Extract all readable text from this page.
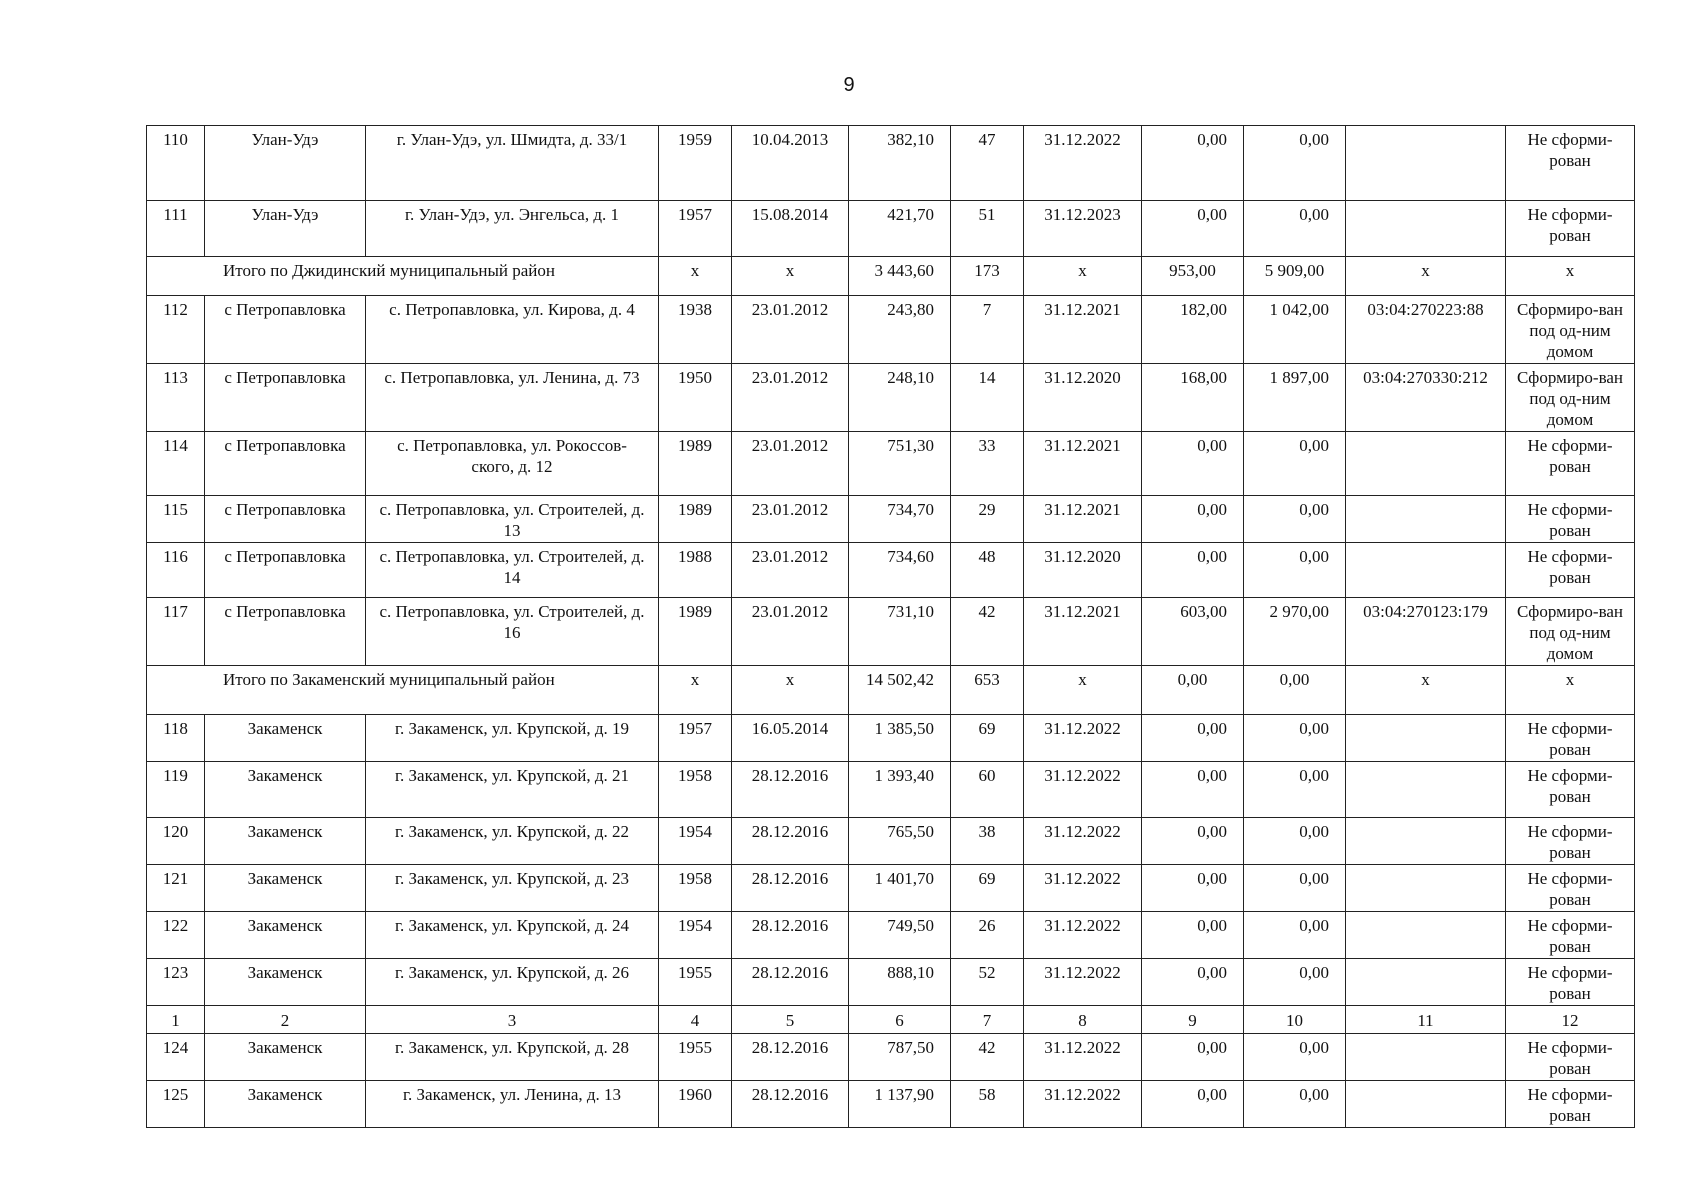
9
110	Улан-Удэ	г. Улан-Удэ, ул. Шмидта, д. 33/1	1959	10.04.2013	382,10	47	31.12.2022	0,00	0,00		Не сформи-рован
111	Улан-Удэ	г. Улан-Удэ, ул. Энгельса, д. 1	1957	15.08.2014	421,70	51	31.12.2023	0,00	0,00		Не сформи-рован
Итого по Джидинский муниципальный район			х	х	3 443,60	173	х	953,00	5 909,00	х	х
112	с Петропавловка	с. Петропавловка, ул. Кирова, д. 4	1938	23.01.2012	243,80	7	31.12.2021	182,00	1 042,00	03:04:270223:88	Сформиро-ван под од-ним домом
113	с Петропавловка	с. Петропавловка, ул. Ленина, д. 73	1950	23.01.2012	248,10	14	31.12.2020	168,00	1 897,00	03:04:270330:212	Сформиро-ван под од-ним домом
114	с Петропавловка	с. Петропавловка, ул. Рокоссов-ского, д. 12	1989	23.01.2012	751,30	33	31.12.2021	0,00	0,00		Не сформи-рован
115	с Петропавловка	с. Петропавловка, ул. Строителей, д. 13	1989	23.01.2012	734,70	29	31.12.2021	0,00	0,00		Не сформи-рован
116	с Петропавловка	с. Петропавловка, ул. Строителей, д. 14	1988	23.01.2012	734,60	48	31.12.2020	0,00	0,00		Не сформи-рован
117	с Петропавловка	с. Петропавловка, ул. Строителей, д. 16	1989	23.01.2012	731,10	42	31.12.2021	603,00	2 970,00	03:04:270123:179	Сформиро-ван под од-ним домом
Итого по Закаменский муниципальный район			х	х	14 502,42	653	х	0,00	0,00	х	х
118	Закаменск	г. Закаменск, ул. Крупской, д. 19	1957	16.05.2014	1 385,50	69	31.12.2022	0,00	0,00		Не сформи-рован
119	Закаменск	г. Закаменск, ул. Крупской, д. 21	1958	28.12.2016	1 393,40	60	31.12.2022	0,00	0,00		Не сформи-рован
120	Закаменск	г. Закаменск, ул. Крупской, д. 22	1954	28.12.2016	765,50	38	31.12.2022	0,00	0,00		Не сформи-рован
121	Закаменск	г. Закаменск, ул. Крупской, д. 23	1958	28.12.2016	1 401,70	69	31.12.2022	0,00	0,00		Не сформи-рован
122	Закаменск	г. Закаменск, ул. Крупской, д. 24	1954	28.12.2016	749,50	26	31.12.2022	0,00	0,00		Не сформи-рован
123	Закаменск	г. Закаменск, ул. Крупской, д. 26	1955	28.12.2016	888,10	52	31.12.2022	0,00	0,00		Не сформи-рован
1	2	3	4	5	6	7	8	9	10	11	12
124	Закаменск	г. Закаменск, ул. Крупской, д. 28	1955	28.12.2016	787,50	42	31.12.2022	0,00	0,00		Не сформи-рован
125	Закаменск	г. Закаменск, ул. Ленина, д. 13	1960	28.12.2016	1 137,90	58	31.12.2022	0,00	0,00		Не сформи-рован
